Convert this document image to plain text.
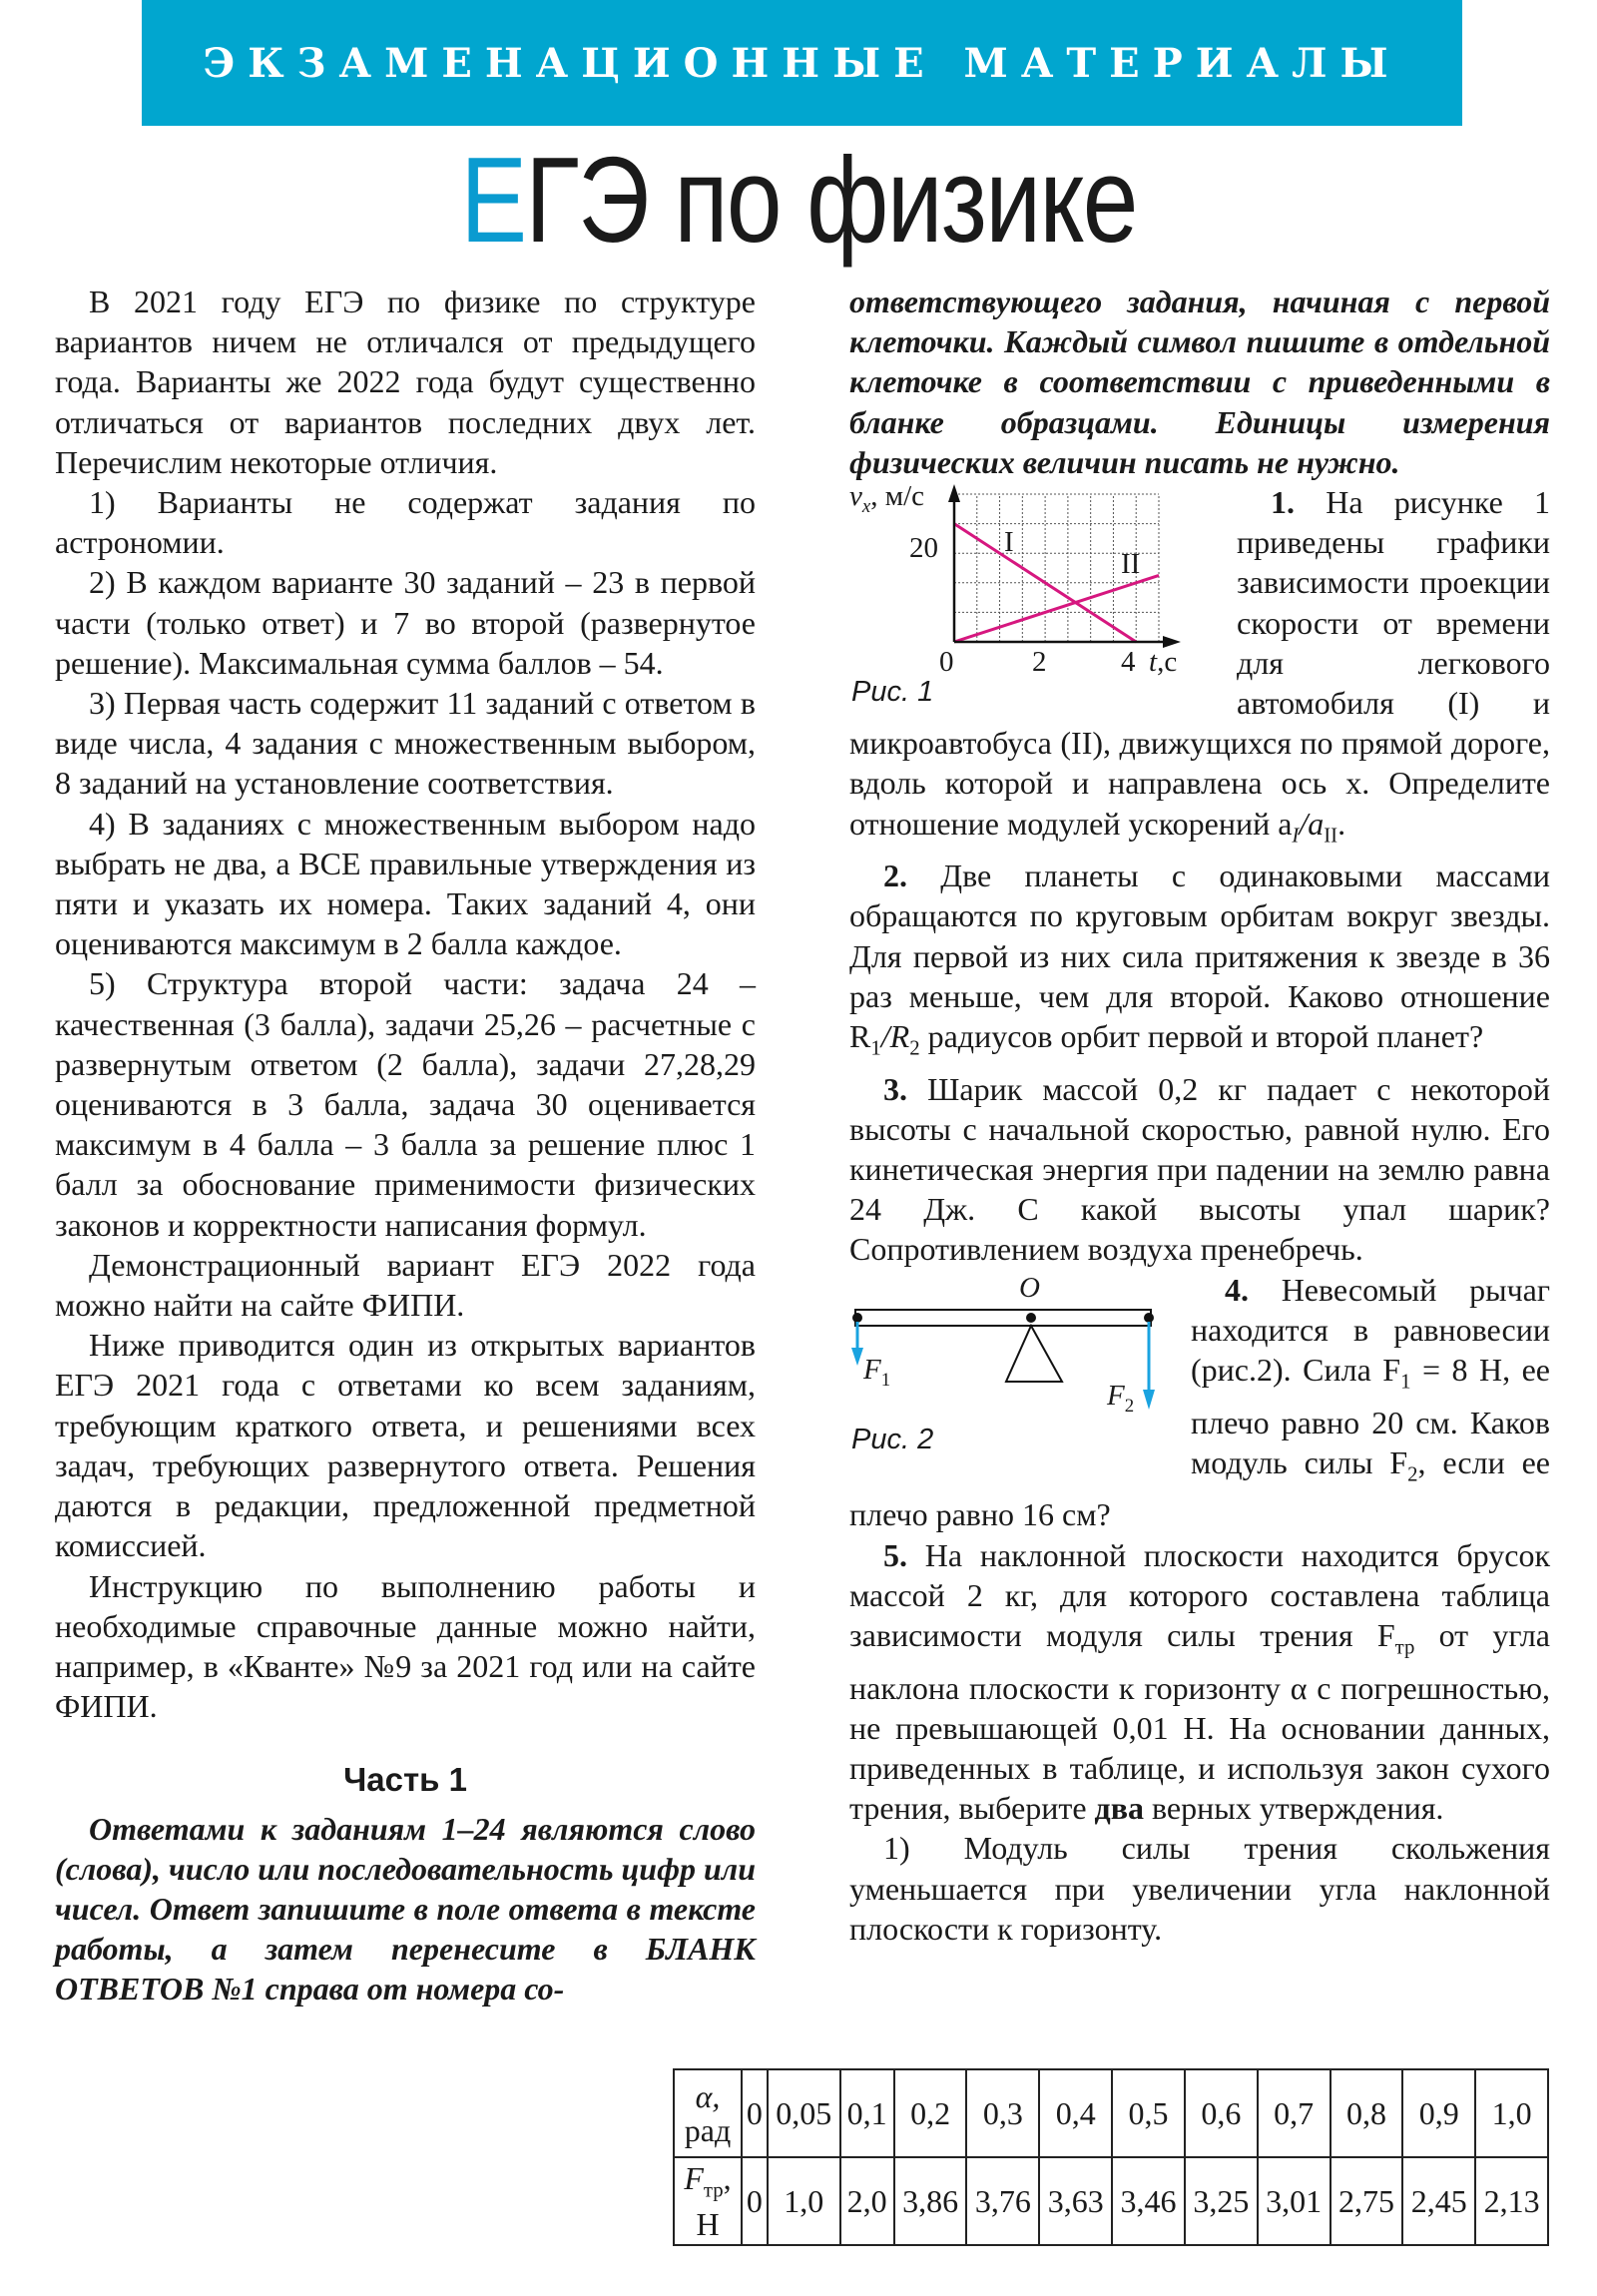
ЭКЗАМЕНАЦИОННЫЕ МАТЕРИАЛЫ
ЕГЭ по физике

В 2021 году ЕГЭ по физике по структуре вариантов ничем не отличался от предыдущего года. Варианты же 2022 года будут существенно отличаться от вариантов последних двух лет. Перечислим некоторые отличия.

1) Варианты не содержат задания по астрономии.

2) В каждом варианте 30 заданий – 23 в первой части (только ответ) и 7 во второй (развернутое решение). Максимальная сумма баллов – 54.

3) Первая часть содержит 11 заданий с ответом в виде числа, 4 задания с множественным выбором, 8 заданий на установление соответствия.

4) В заданиях с множественным выбором надо выбрать не два, а ВСЕ правильные утверждения из пяти и указать их номера. Таких заданий 4, они оцениваются максимум в 2 балла каждое.

5) Структура второй части: задача 24 – качественная (3 балла), задачи 25,26 – расчетные с развернутым ответом (2 балла), задачи 27,28,29 оцениваются в 3 балла, задача 30 оценивается максимум в 4 балла – 3 балла за решение плюс 1 балл за обоснование применимости физических законов и корректности написания формул.

Демонстрационный вариант ЕГЭ 2022 года можно найти на сайте ФИПИ.

Ниже приводится один из открытых вариантов ЕГЭ 2021 года с ответами ко всем заданиям, требующим краткого ответа, и решениями всех задач, требующих развернутого ответа. Решения даются в редакции, предложенной предметной комиссией.

Инструкцию по выполнению работы и необходимые справочные данные можно найти, например, в «Кванте» №9 за 2021 год или на сайте ФИПИ.

Часть 1

Ответами к заданиям 1–24 являются слово (слова), число или последовательность цифр или чисел. Ответ запишите в поле ответа в тексте работы, а затем перенесите в БЛАНК ОТВЕТОВ №1 справа от номера со-

ответствующего задания, начиная с первой клеточки. Каждый символ пишите в отдельной клеточке в соответствии с приведенными в бланке образцами. Единицы измерения физических величин писать не нужно.

$v_x$, м/с
20
0	2	4 t,с
I
II
Рис. 1

1. На рисунке 1 приведены графики зависимости проекции скорости от времени для легкового автомобиля (I) и микроавтобуса (II), движущихся по прямой дороге, вдоль которой и направлена ось x. Определите отношение модулей ускорений $a_I/a_{II}$.

2. Две планеты с одинаковыми массами обращаются по круговым орбитам вокруг звезды. Для первой из них сила притяжения к звезде в 36 раз меньше, чем для второй. Каково отношение $R_1/R_2$ радиусов орбит первой и второй планет?

3. Шарик массой 0,2 кг падает с некоторой высоты с начальной скоростью, равной нулю. Его кинетическая энергия при падении на землю равна 24 Дж. С какой высоты упал шарик? Сопротивлением воздуха пренебречь.

O
$F_1$	$F_2$
Рис. 2

4. Невесомый рычаг находится в равновесии (рис.2). Сила $F_1 = 8$ Н, ее плечо равно 20 см. Каков модуль силы $F_2$, если ее плечо равно 16 см?

5. На наклонной плоскости находится брусок массой 2 кг, для которого составлена таблица зависимости модуля силы трения $F_{тр}$ от угла наклона плоскости к горизонту α с погрешностью, не превышающей 0,01 Н. На основании данных, приведенных в таблице, и используя закон сухого трения, выберите два верных утверждения.

1) Модуль силы трения скольжения уменьшается при увеличении угла наклонной плоскости к горизонту.

α,
рад	0	0,05	0,1	0,2	0,3	0,4	0,5	0,6	0,7	0,8	0,9	1,0
$F_{тр}$,
Н	0	1,0	2,0	3,86	3,76	3,63	3,46	3,25	3,01	2,75	2,45	2,13
